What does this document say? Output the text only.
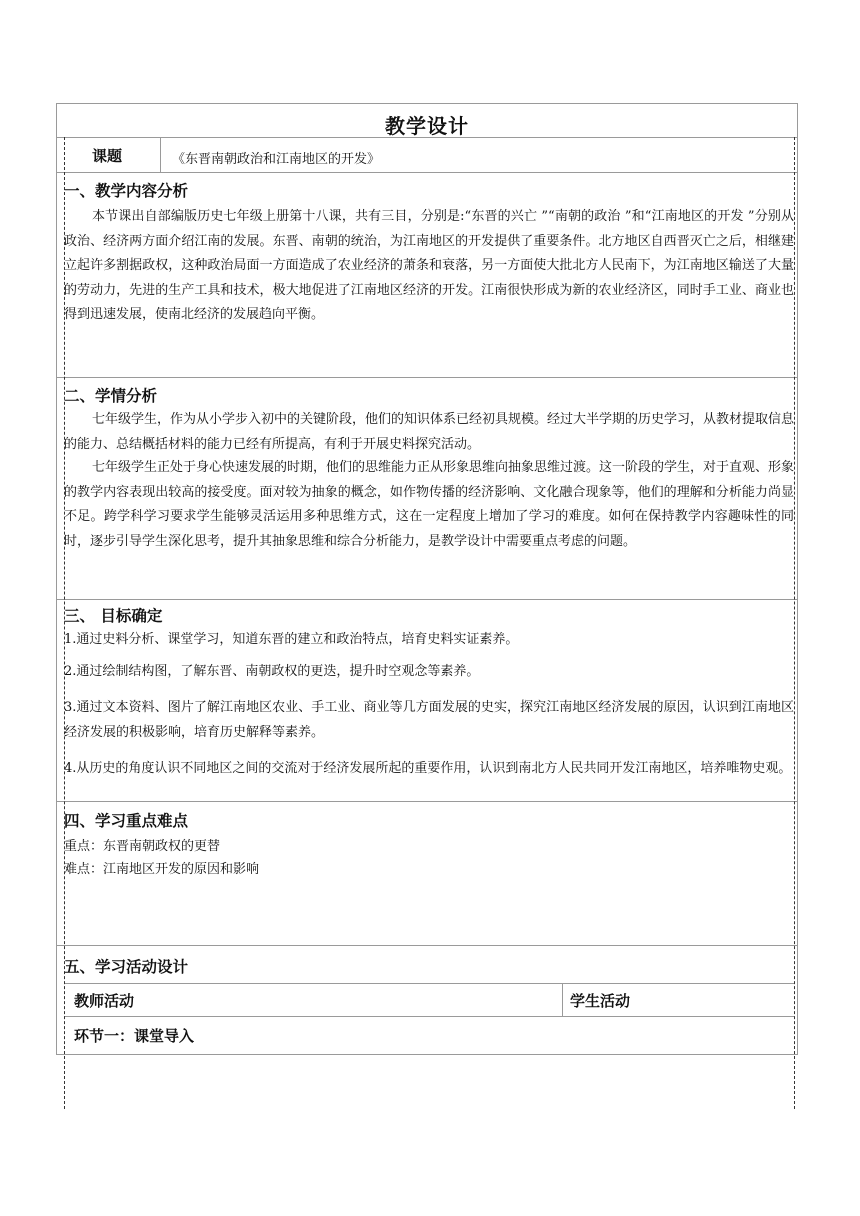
教学设计
课题	《东晋南朝政治和江南地区的开发》
一、教学内容分析

本节课出自部编版历史七年级上册第十八课，共有三目，分别是:“东晋的兴亡 ”“南朝的政治 ”和“江南地区的开发 ”分别从政治、经济两方面介绍江南的发展。东晋、南朝的统治，为江南地区的开发提供了重要条件。北方地区自西晋灭亡之后，相继建立起许多割据政权，这种政治局面一方面造成了农业经济的萧条和衰落，另一方面使大批北方人民南下，为江南地区输送了大量的劳动力，先进的生产工具和技术，极大地促进了江南地区经济的开发。江南很快形成为新的农业经济区，同时手工业、商业也得到迅速发展，使南北经济的发展趋向平衡。

二、学情分析

七年级学生，作为从小学步入初中的关键阶段，他们的知识体系已经初具规模。经过大半学期的历史学习，从教材提取信息的能力、总结概括材料的能力已经有所提高，有利于开展史料探究活动。

七年级学生正处于身心快速发展的时期，他们的思维能力正从形象思维向抽象思维过渡。这一阶段的学生，对于直观、形象的教学内容表现出较高的接受度。面对较为抽象的概念，如作物传播的经济影响、文化融合现象等，他们的理解和分析能力尚显不足。跨学科学习要求学生能够灵活运用多种思维方式，这在一定程度上增加了学习的难度。如何在保持教学内容趣味性的同时，逐步引导学生深化思考，提升其抽象思维和综合分析能力，是教学设计中需要重点考虑的问题。

三、 目标确定

1.通过史料分析、课堂学习，知道东晋的建立和政治特点，培育史料实证素养。

2.通过绘制结构图，了解东晋、南朝政权的更迭，提升时空观念等素养。

3.通过文本资料、图片了解江南地区农业、手工业、商业等几方面发展的史实，探究江南地区经济发展的原因，认识到江南地区经济发展的积极影响，培育历史解释等素养。

4.从历史的角度认识不同地区之间的交流对于经济发展所起的重要作用，认识到南北方人民共同开发江南地区，培养唯物史观。

四、学习重点难点
重点：东晋南朝政权的更替
难点：江南地区开发的原因和影响
五、学习活动设计
教师活动	学生活动
环节一：课堂导入
